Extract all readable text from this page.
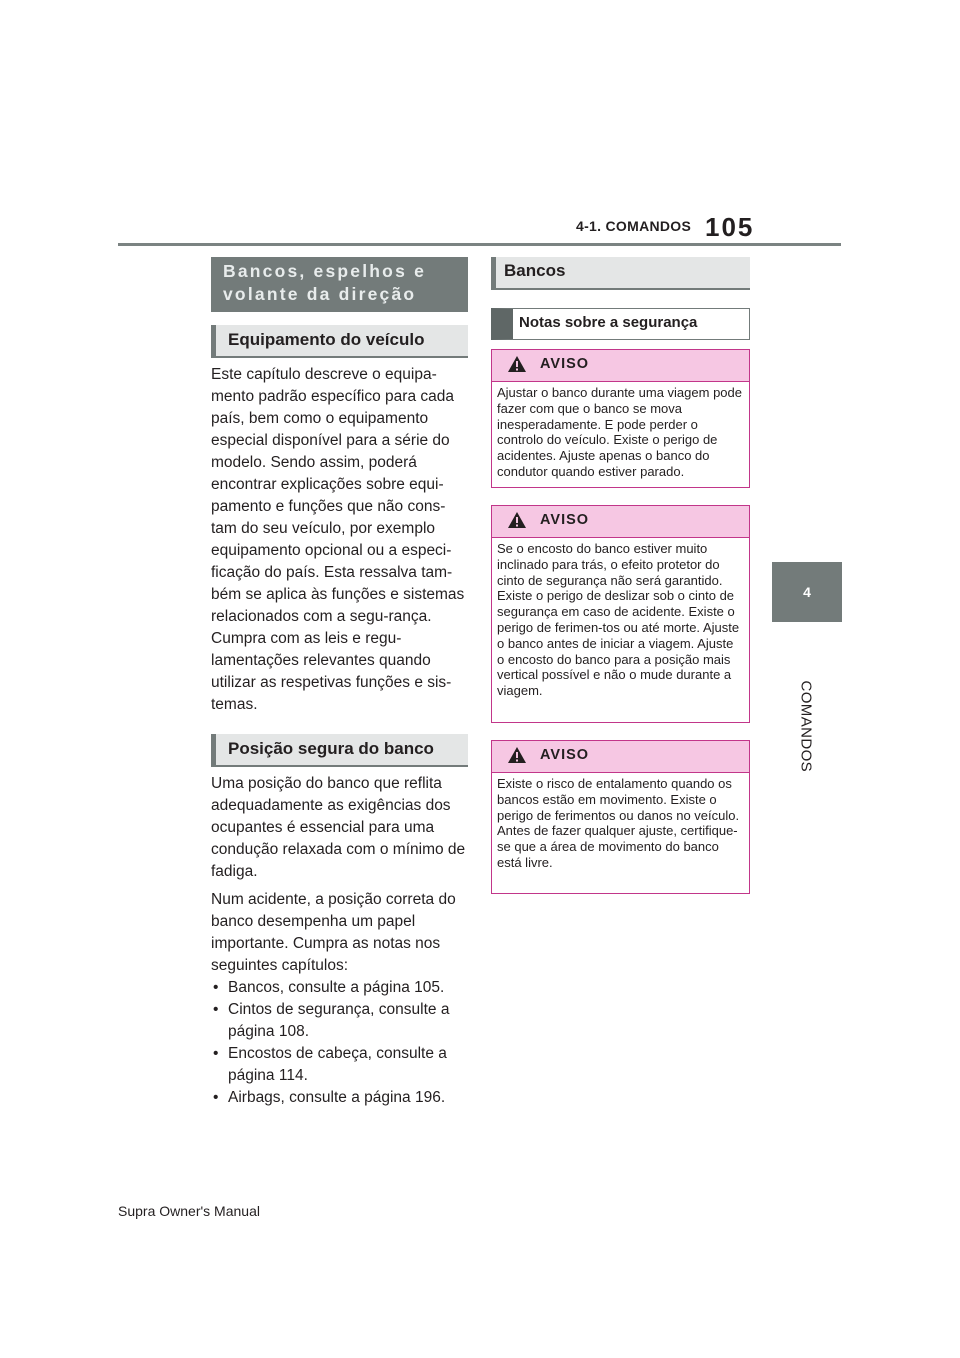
4-1. COMANDOS 105
4
COMANDOS
Bancos, espelhos e volante da direção
Equipamento do veículo

Este capítulo descreve o equipa-mento padrão específico para cada país, bem como o equipamento especial disponível para a série do modelo. Sendo assim, poderá encontrar explicações sobre equi-pamento e funções que não cons-tam do seu veículo, por exemplo equipamento opcional ou a especi-ficação do país. Esta ressalva tam-bém se aplica às funções e sistemas relacionados com a segu-rança. Cumpra com as leis e regu-lamentações relevantes quando utilizar as respetivas funções e sis-temas.

Posição segura do banco

Uma posição do banco que reflita adequadamente as exigências dos ocupantes é essencial para uma condução relaxada com o mínimo de fadiga.

Num acidente, a posição correta do banco desempenha um papel importante. Cumpra as notas nos seguintes capítulos:

• Bancos, consulte a página 105.
• Cintos de segurança, consulte a página 108.
• Encostos de cabeça, consulte a página 114.
• Airbags, consulte a página 196.
Bancos
Notas sobre a segurança
AVISO
Ajustar o banco durante uma viagem pode fazer com que o banco se mova inesperadamente. E pode perder o controlo do veículo. Existe o perigo de acidentes. Ajuste apenas o banco do condutor quando estiver parado.
AVISO
Se o encosto do banco estiver muito inclinado para trás, o efeito protetor do cinto de segurança não será garantido. Existe o perigo de deslizar sob o cinto de segurança em caso de acidente. Existe o perigo de ferimen-tos ou até morte. Ajuste o banco antes de iniciar a viagem. Ajuste o encosto do banco para a posição mais vertical possível e não o mude durante a viagem.
AVISO
Existe o risco de entalamento quando os bancos estão em movimento. Existe o perigo de ferimentos ou danos no veículo. Antes de fazer qualquer ajuste, certifique-se que a área de movimento do banco está livre.
Supra Owner's Manual
